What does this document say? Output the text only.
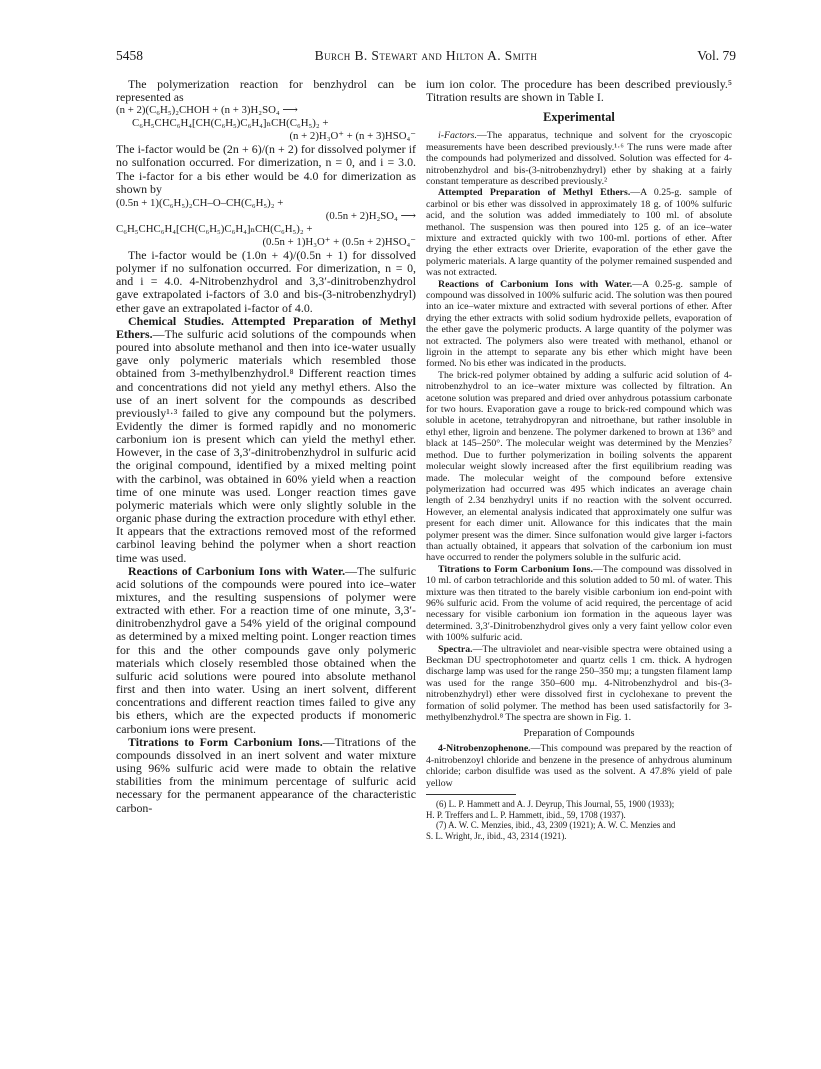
5458	Burch B. Stewart and Hilton A. Smith	Vol. 79

The polymerization reaction for benzhydrol can be represented as

(n + 2)(C₆H₅)₂CHOH + (n + 3)H₂SO₄ ⟶
C₆H₅CHC₆H₄[CH(C₆H₅)C₆H₄]ₙCH(C₆H₅)₂ +
(n + 2)H₃O⁺ + (n + 3)HSO₄⁻

The i-factor would be (2n + 6)/(n + 2) for dissolved polymer if no sulfonation occurred. For dimerization, n = 0, and i = 3.0. The i-factor for a bis ether would be 4.0 for dimerization as shown by

(0.5n + 1)(C₆H₅)₂CH–O–CH(C₆H₅)₂ +
(0.5n + 2)H₂SO₄ ⟶
C₆H₅CHC₆H₄[CH(C₆H₅)C₆H₄]ₙCH(C₆H₅)₂ +
(0.5n + 1)H₃O⁺ + (0.5n + 2)HSO₄⁻

The i-factor would be (1.0n + 4)/(0.5n + 1) for dissolved polymer if no sulfonation occurred. For dimerization, n = 0, and i = 4.0. 4-Nitrobenzhydrol and 3,3′-dinitrobenzhydrol gave extrapolated i-factors of 3.0 and bis-(3-nitrobenzhydryl) ether gave an extrapolated i-factor of 4.0.

Chemical Studies. Attempted Preparation of Methyl Ethers.—The sulfuric acid solutions of the compounds when poured into absolute methanol and then into ice-water usually gave only polymeric materials which resembled those obtained from 3-methylbenzhydrol.⁸ Different reaction times and concentrations did not yield any methyl ethers. Also the use of an inert solvent for the compounds as described previously¹·³ failed to give any compound but the polymers. Evidently the dimer is formed rapidly and no monomeric carbonium ion is present which can yield the methyl ether. However, in the case of 3,3′-dinitrobenzhydrol in sulfuric acid the original compound, identified by a mixed melting point with the carbinol, was obtained in 60% yield when a reaction time of one minute was used. Longer reaction times gave polymeric materials which were only slightly soluble in the organic phase during the extraction procedure with ethyl ether. It appears that the extractions removed most of the reformed carbinol leaving behind the polymer when a short reaction time was used.

Reactions of Carbonium Ions with Water.—The sulfuric acid solutions of the compounds were poured into ice–water mixtures, and the resulting suspensions of polymer were extracted with ether. For a reaction time of one minute, 3,3′-dinitrobenzhydrol gave a 54% yield of the original compound as determined by a mixed melting point. Longer reaction times for this and the other compounds gave only polymeric materials which closely resembled those obtained when the sulfuric acid solutions were poured into absolute methanol first and then into water. Using an inert solvent, different concentrations and different reaction times failed to give any bis ethers, which are the expected products if monomeric carbonium ions were present.

Titrations to Form Carbonium Ions.—Titrations of the compounds dissolved in an inert solvent and water mixture using 96% sulfuric acid were made to obtain the relative stabilities from the minimum percentage of sulfuric acid necessary for the permanent appearance of the characteristic carbon-

ium ion color. The procedure has been described previously.⁵ Titration results are shown in Table I.

Experimental

i-Factors.—The apparatus, technique and solvent for the cryoscopic measurements have been described previously.¹·⁶ The runs were made after the compounds had polymerized and dissolved. Solution was effected for 4-nitrobenzhydrol and bis-(3-nitrobenzhydryl) ether by shaking at a fairly constant temperature as described previously.²

Attempted Preparation of Methyl Ethers.—A 0.25-g. sample of carbinol or bis ether was dissolved in approximately 18 g. of 100% sulfuric acid, and the solution was added immediately to 100 ml. of absolute methanol. The suspension was then poured into 125 g. of an ice–water mixture and extracted quickly with two 100-ml. portions of ether. After drying the ether extracts over Drierite, evaporation of the ether gave the polymeric materials. A large quantity of the polymer remained suspended and was not extracted.

Reactions of Carbonium Ions with Water.—A 0.25-g. sample of compound was dissolved in 100% sulfuric acid. The solution was then poured into an ice–water mixture and extracted with several portions of ether. After drying the ether extracts with solid sodium hydroxide pellets, evaporation of the ether gave the polymeric products. A large quantity of the polymer was not extracted. The polymers also were treated with methanol, ethanol or ligroin in the attempt to separate any bis ether which might have been formed. No bis ether was indicated in the products.

The brick-red polymer obtained by adding a sulfuric acid solution of 4-nitrobenzhydrol to an ice–water mixture was collected by filtration. An acetone solution was prepared and dried over anhydrous potassium carbonate for two hours. Evaporation gave a rouge to brick-red compound which was soluble in acetone, tetrahydropyran and nitroethane, but rather insoluble in ethyl ether, ligroin and benzene. The polymer darkened to brown at 136° and black at 145–250°. The molecular weight was determined by the Menzies⁷ method. Due to further polymerization in boiling solvents the apparent molecular weight slowly increased after the first equilibrium reading was made. The molecular weight of the compound before extensive polymerization had occurred was 495 which indicates an average chain length of 2.34 benzhydryl units if no reaction with the solvent occurred. However, an elemental analysis indicated that approximately one sulfur was present for each dimer unit. Allowance for this indicates that the main polymer present was the dimer. Since sulfonation would give larger i-factors than actually obtained, it appears that solvation of the carbonium ion must have occurred to render the polymers soluble in the sulfuric acid.

Titrations to Form Carbonium Ions.—The compound was dissolved in 10 ml. of carbon tetrachloride and this solution added to 50 ml. of water. This mixture was then titrated to the barely visible carbonium ion end-point with 96% sulfuric acid. From the volume of acid required, the percentage of acid necessary for visible carbonium ion formation in the aqueous layer was determined. 3,3′-Dinitrobenzhydrol gives only a very faint yellow color even with 100% sulfuric acid.

Spectra.—The ultraviolet and near-visible spectra were obtained using a Beckman DU spectrophotometer and quartz cells 1 cm. thick. A hydrogen discharge lamp was used for the range 250–350 mμ; a tungsten filament lamp was used for the range 350–600 mμ. 4-Nitrobenzhydrol and bis-(3-nitrobenzhydryl) ether were dissolved first in cyclohexane to prevent the formation of solid polymer. The method has been used satisfactorily for 3-methylbenzhydrol.⁸ The spectra are shown in Fig. 1.

Preparation of Compounds

4-Nitrobenzophenone.—This compound was prepared by the reaction of 4-nitrobenzoyl chloride and benzene in the presence of anhydrous aluminum chloride; carbon disulfide was used as the solvent. A 47.8% yield of pale yellow

(6) L. P. Hammett and A. J. Deyrup, This Journal, 55, 1900 (1933);
H. P. Treffers and L. P. Hammett, ibid., 59, 1708 (1937).
(7) A. W. C. Menzies, ibid., 43, 2309 (1921); A. W. C. Menzies and
S. L. Wright, Jr., ibid., 43, 2314 (1921).
